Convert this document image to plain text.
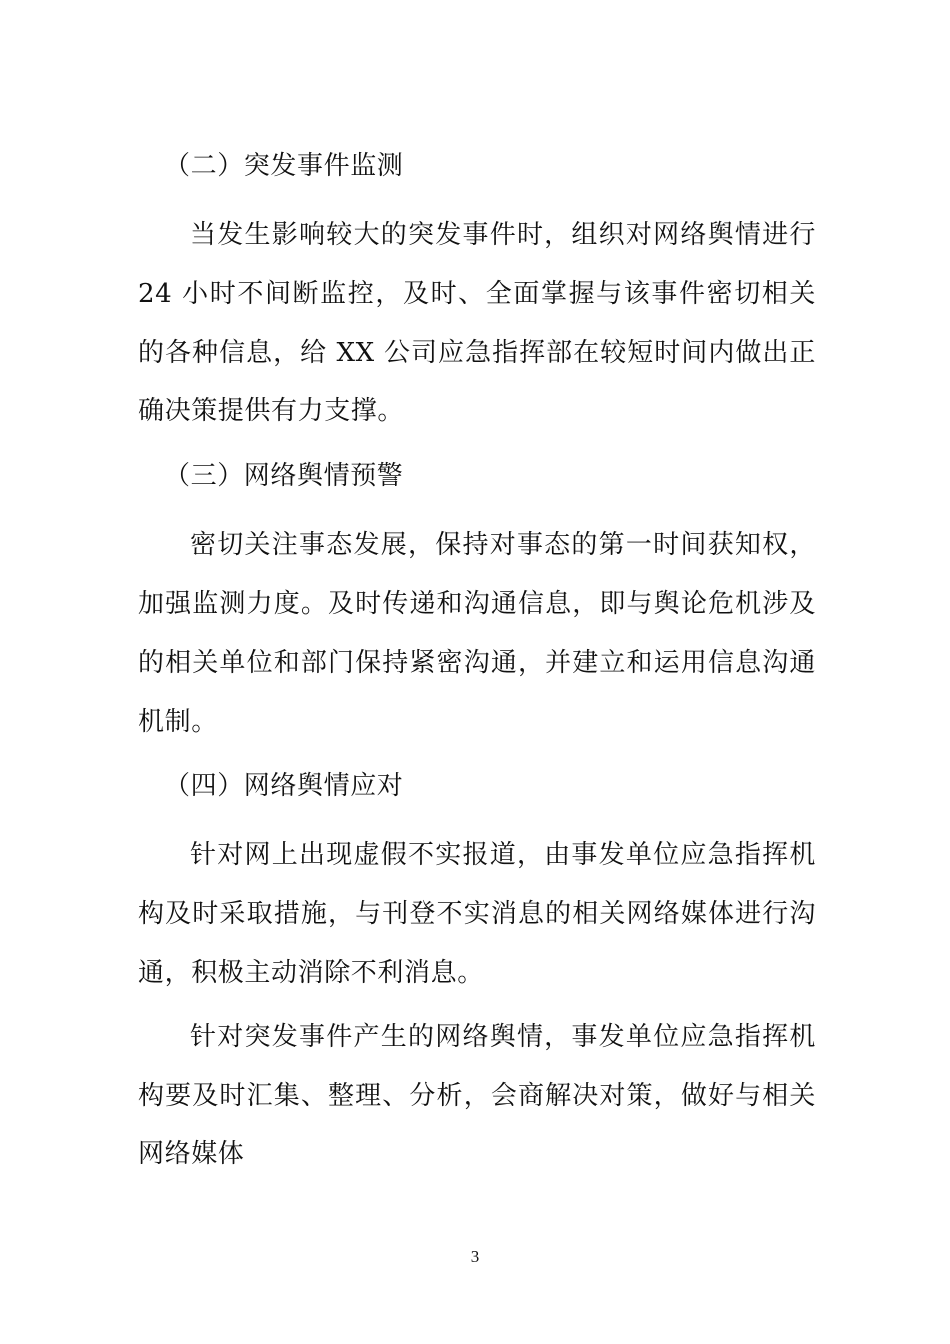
（二）突发事件监测

当发生影响较大的突发事件时，组织对网络舆情进行 24 小时不间断监控，及时、全面掌握与该事件密切相关的各种信息，给 XX 公司应急指挥部在较短时间内做出正确决策提供有力支撑。

（三）网络舆情预警

密切关注事态发展，保持对事态的第一时间获知权，加强监测力度。及时传递和沟通信息，即与舆论危机涉及的相关单位和部门保持紧密沟通，并建立和运用信息沟通机制。

（四）网络舆情应对

针对网上出现虚假不实报道，由事发单位应急指挥机构及时采取措施，与刊登不实消息的相关网络媒体进行沟通，积极主动消除不利消息。

针对突发事件产生的网络舆情，事发单位应急指挥机构要及时汇集、整理、分析，会商解决对策，做好与相关网络媒体

3
